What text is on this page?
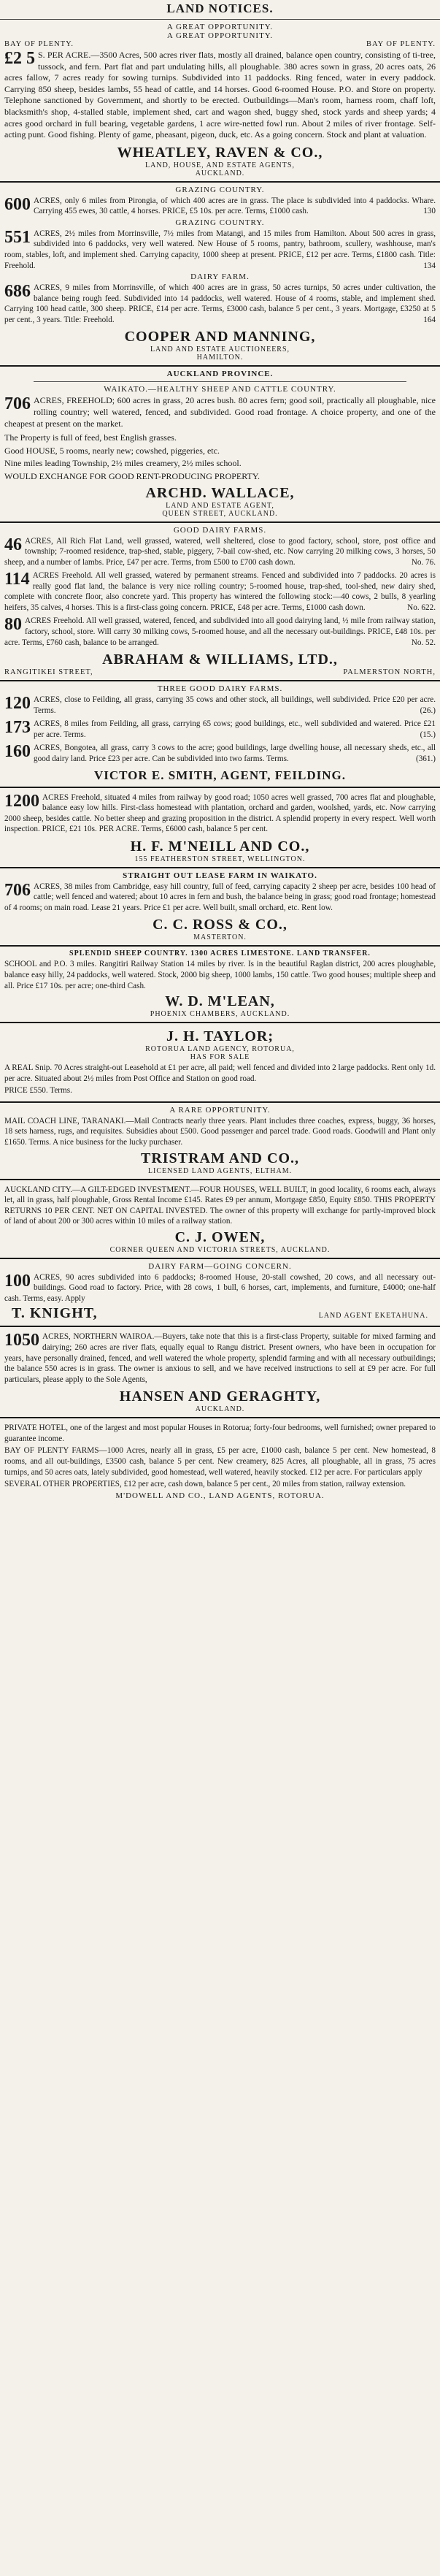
LAND NOTICES.
A GREAT OPPORTUNITY.
A GREAT OPPORTUNITY.
BAY OF PLENTY.	BAY OF PLENTY.
£2 5 S. PER ACRE.—3500 Acres, 500 acres river flats, mostly all drained, balance open country, consisting of ti-tree, tussock, and fern. Part flat and part undulating hills, all ploughable. 380 acres sown in grass, 20 acres oats, 26 acres fallow, 7 acres ready for sowing turnips. Subdivided into 11 paddocks. Ring fenced, water in every paddock. Carrying 850 sheep, besides lambs, 55 head of cattle, and 14 horses. Good 6-roomed House. P.O. and Store on property. Telephone sanctioned by Government, and shortly to be erected. Outbuildings—Man's room, harness room, chaff loft, blacksmith's shop, 4-stalled stable, implement shed, cart and wagon shed, buggy shed, stock yards and sheep yards; 4 acres good orchard in full bearing, vegetable gardens, 1 acre wire-netted fowl run. About 2 miles of river frontage. Self-acting punt. Good fishing. Plenty of game, pheasant, pigeon, duck, etc. As a going concern. Stock and plant at valuation.
WHEATLEY, RAVEN & CO.,
LAND, HOUSE, AND ESTATE AGENTS,
AUCKLAND.
GRAZING COUNTRY.
600 ACRES, only 6 miles from Pirongia, of which 400 acres are in grass. The place is subdivided into 4 paddocks. Whare. Carrying 455 ewes, 30 cattle, 4 horses. PRICE, £5 10s. per acre. Terms, £1000 cash.	130
GRAZING COUNTRY.
551 ACRES, 2½ miles from Morrinsville, 7½ miles from Matangi, and 15 miles from Hamilton. About 500 acres in grass, subdivided into 6 paddocks, very well watered. New House of 5 rooms, pantry, bathroom, scullery, washhouse, man's room, stables, loft, and implement shed. Carrying capacity, 1000 sheep at present. PRICE, £12 per acre. Terms, £1800 cash. Title: Freehold.	134
DAIRY FARM.
686 ACRES, 9 miles from Morrinsville, of which 400 acres are in grass, 50 acres turnips, 50 acres under cultivation, the balance being rough feed. Subdivided into 14 paddocks, well watered. House of 4 rooms, stable, and implement shed. Carrying 100 head cattle, 300 sheep. PRICE, £14 per acre. Terms, £3000 cash, balance 5 per cent., 3 years. Mortgage, £3250 at 5 per cent., 3 years. Title: Freehold.	164
COOPER AND MANNING,
LAND AND ESTATE AUCTIONEERS,
HAMILTON.
AUCKLAND PROVINCE.
WAIKATO.—HEALTHY SHEEP AND CATTLE COUNTRY.
706 ACRES, FREEHOLD; 600 acres in grass, 20 acres bush. 80 acres fern; good soil, practically all ploughable, nice rolling country; well watered, fenced, and subdivided. Good road frontage. A choice property, and one of the cheapest at present on the market.
The Property is full of feed, best English grasses.
Good HOUSE, 5 rooms, nearly new; cowshed, piggeries, etc.
Nine miles leading Township, 2½ miles creamery, 2½ miles school.
WOULD EXCHANGE FOR GOOD RENT-PRODUCING PROPERTY.
ARCHD. WALLACE,
LAND AND ESTATE AGENT,
QUEEN STREET, AUCKLAND.
GOOD DAIRY FARMS.
46 ACRES, All Rich Flat Land, well grassed, watered, well sheltered, close to good factory, school, store, post office and township; 7-roomed residence, trap-shed, stable, piggery, 7-bail cow-shed, etc. Now carrying 20 milking cows, 3 horses, 50 sheep, and a number of lambs. Price, £47 per acre. Terms, from £500 to £700 cash down.	No. 76.
114 ACRES Freehold. All well grassed, watered by permanent streams. Fenced and subdivided into 7 paddocks. 20 acres is really good flat land, the balance is very nice rolling country; 5-roomed house, trap-shed, tool-shed, new dairy shed, complete with concrete floor, also concrete yard. This property has wintered the following stock:—40 cows, 2 bulls, 8 yearling heifers, 35 calves, 4 horses. This is a first-class going concern. PRICE, £48 per acre. Terms, £1000 cash down.	No. 622.
80 ACRES Freehold. All well grassed, watered, fenced, and subdivided into all good dairying land, ½ mile from railway station, factory, school, store. Will carry 30 milking cows, 5-roomed house, and all the necessary out-buildings. PRICE, £48 10s. per acre. Terms, £760 cash, balance to be arranged.	No. 52.
ABRAHAM & WILLIAMS, LTD.,
RANGITIKEI STREET,	PALMERSTON NORTH,
THREE GOOD DAIRY FARMS.
120 ACRES, close to Feilding, all grass, carrying 35 cows and other stock, all buildings, well subdivided. Price £20 per acre. Terms.	(26.)
173 ACRES, 8 miles from Feilding, all grass, carrying 65 cows; good buildings, etc., well subdivided and watered. Price £21 per acre. Terms.	(15.)
160 ACRES, Bongotea, all grass, carry 3 cows to the acre; good buildings, large dwelling house, all necessary sheds, etc., all good dairy land. Price £23 per acre. Can be subdivided into two farms. Terms.	(361.)
VICTOR E. SMITH, AGENT, FEILDING.
1200 ACRES Freehold, situated 4 miles from railway by good road; 1050 acres well grassed, 700 acres flat and ploughable, balance easy low hills. First-class homestead with plantation, orchard and garden, woolshed, yards, etc. Now carrying 2000 sheep, besides cattle. No better sheep and grazing proposition in the district. A splendid property in every respect. Well worth inspection. PRICE, £21 10s. PER ACRE. Terms, £6000 cash, balance 5 per cent.
H. F. M'NEILL AND CO.,
155 FEATHERSTON STREET, WELLINGTON.
STRAIGHT OUT LEASE FARM IN WAIKATO.
706 ACRES, 38 miles from Cambridge, easy hill country, full of feed, carrying capacity 2 sheep per acre, besides 100 head of cattle; well fenced and watered; about 10 acres in fern and bush, the balance being in grass; good road frontage; homestead of 4 rooms; on main road. Lease 21 years. Price £1 per acre. Well built, small orchard, etc. Rent low.
C. C. ROSS & CO.,
MASTERTON.
SPLENDID SHEEP COUNTRY. 1300 ACRES LIMESTONE. LAND TRANSFER.
SCHOOL and P.O. 3 miles. Rangitiri Railway Station 14 miles by river. Is in the beautiful Raglan district, 200 acres ploughable, balance easy hilly, 24 paddocks, well watered. Stock, 2000 big sheep, 1000 lambs, 150 cattle. Two good houses; multiple sheep and all. Price £17 10s. per acre; one-third Cash.
W. D. M'LEAN,
PHOENIX CHAMBERS, AUCKLAND.
J. H. TAYLOR;
ROTORUA LAND AGENCY, ROTORUA,
HAS FOR SALE
A REAL Snip. 70 Acres straight-out Leasehold at £1 per acre, all paid; well fenced and divided into 2 large paddocks. Rent only 1d. per acre. Situated about 2½ miles from Post Office and Station on good road.
PRICE £550. Terms.
A RARE OPPORTUNITY.
MAIL COACH LINE, TARANAKI.—Mail Contracts nearly three years. Plant includes three coaches, express, buggy, 36 horses, 18 sets harness, rugs, and requisites. Subsidies about £500. Good passenger and parcel trade. Good roads. Goodwill and Plant only £1650. Terms. A nice business for the lucky purchaser.
TRISTRAM AND CO.,
LICENSED LAND AGENTS, ELTHAM.
AUCKLAND CITY.—A GILT-EDGED INVESTMENT.—FOUR HOUSES, WELL BUILT, in good locality, 6 rooms each, always let, all in grass, half ploughable, Gross Rental Income £145. Rates £9 per annum, Mortgage £850, Equity £850. THIS PROPERTY RETURNS 10 PER CENT. NET ON CAPITAL INVESTED. The owner of this property will exchange for partly-improved block of land of about 200 or 300 acres within 10 miles of a railway station.
C. J. OWEN,
CORNER QUEEN AND VICTORIA STREETS, AUCKLAND.
DAIRY FARM—GOING CONCERN.
100 ACRES, 90 acres subdivided into 6 paddocks; 8-roomed House, 20-stall cowshed, 20 cows, and all necessary out-buildings. Good road to factory. Price, with 28 cows, 1 bull, 6 horses, cart, implements, and furniture, £4000; one-half cash. Terms, easy. Apply
T. KNIGHT,	LAND AGENT EKETAHUNA.
1050 ACRES, NORTHERN WAIROA.—Buyers, take note that this is a first-class Property, suitable for mixed farming and dairying; 260 acres are river flats, equally equal to Rangu district. Present owners, who have been in occupation for years, have personally drained, fenced, and well watered the whole property, splendid farming and with all necessary outbuildings; the balance 550 acres is in grass. The owner is anxious to sell, and we have received instructions to sell at £9 per acre. For full particulars, please apply to the Sole Agents,
HANSEN AND GERAGHTY,
AUCKLAND.
PRIVATE HOTEL, one of the largest and most popular Houses in Rotorua; forty-four bedrooms, well furnished; owner prepared to guarantee income.
BAY OF PLENTY FARMS—1000 Acres, nearly all in grass, £5 per acre, £1000 cash, balance 5 per cent. New homestead, 8 rooms, and all out-buildings, £3500 cash, balance 5 per cent. New creamery, 825 Acres, all ploughable, all in grass, 75 acres turnips, and 50 acres oats, lately subdivided, good homestead, well watered, heavily stocked. £12 per acre. For particulars apply
SEVERAL OTHER PROPERTIES, £12 per acre, cash down, balance 5 per cent., 20 miles from station, railway extension.
M'DOWELL AND CO., LAND AGENTS, ROTORUA.
